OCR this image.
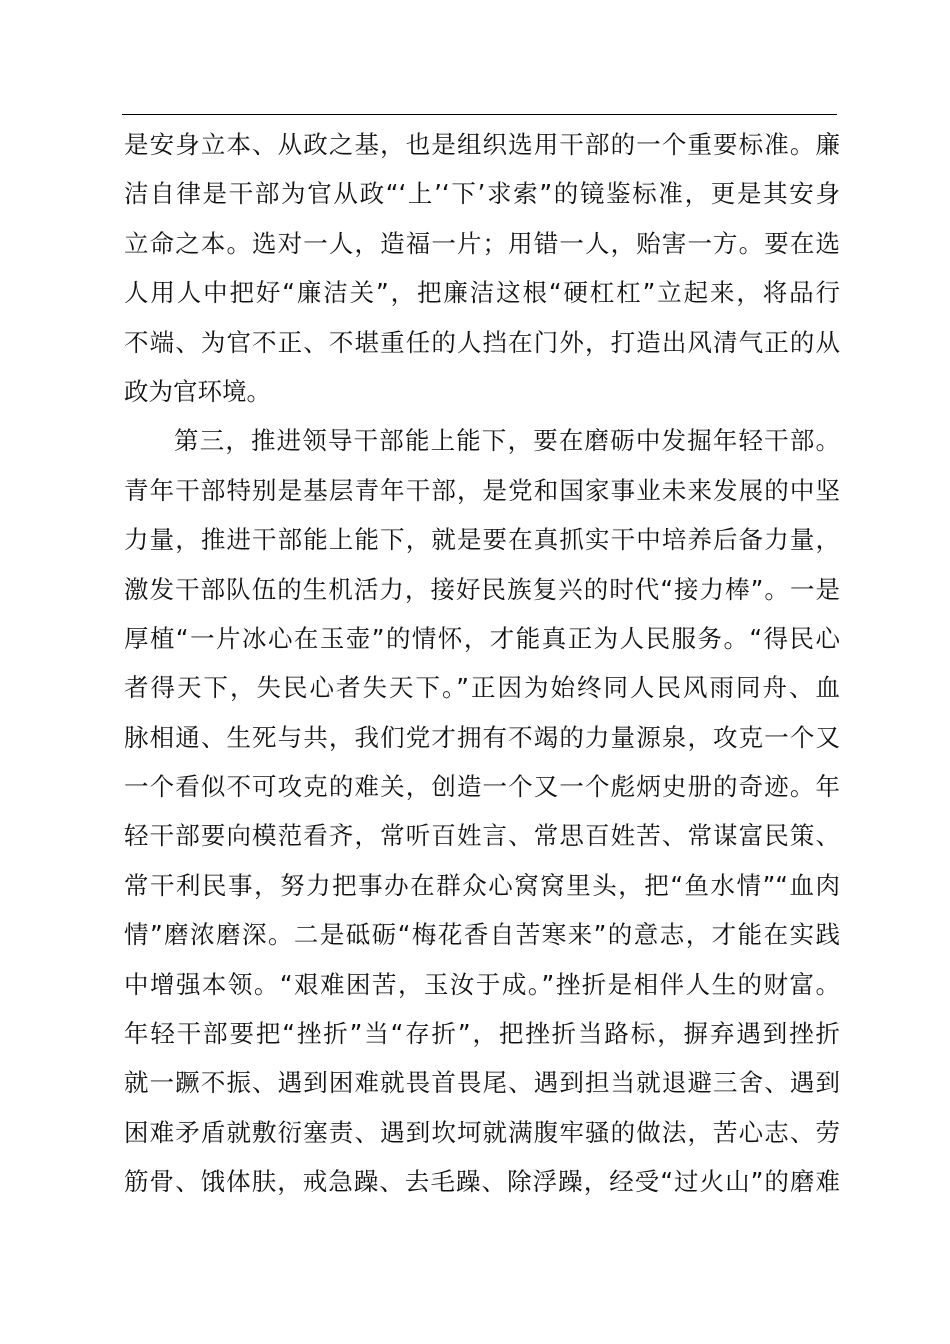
是安身立本、从政之基，也是组织选用干部的一个重要标准。廉
洁自律是干部为官从政“‘上’‘下’求索”的镜鉴标准，更是其安身
立命之本。选对一人，造福一片；用错一人，贻害一方。要在选
人用人中把好“廉洁关”，把廉洁这根“硬杠杠”立起来，将品行
不端、为官不正、不堪重任的人挡在门外，打造出风清气正的从
政为官环境。
第三，推进领导干部能上能下，要在磨砺中发掘年轻干部。
青年干部特别是基层青年干部，是党和国家事业未来发展的中坚
力量，推进干部能上能下，就是要在真抓实干中培养后备力量，
激发干部队伍的生机活力，接好民族复兴的时代“接力棒”。一是
厚植“一片冰心在玉壶”的情怀，才能真正为人民服务。“得民心
者得天下，失民心者失天下。”正因为始终同人民风雨同舟、血
脉相通、生死与共，我们党才拥有不竭的力量源泉，攻克一个又
一个看似不可攻克的难关，创造一个又一个彪炳史册的奇迹。年
轻干部要向模范看齐，常听百姓言、常思百姓苦、常谋富民策、
常干利民事，努力把事办在群众心窝窝里头，把“鱼水情”“血肉
情”磨浓磨深。二是砥砺“梅花香自苦寒来”的意志，才能在实践
中增强本领。“艰难困苦，玉汝于成。”挫折是相伴人生的财富。
年轻干部要把“挫折”当“存折”，把挫折当路标，摒弃遇到挫折
就一蹶不振、遇到困难就畏首畏尾、遇到担当就退避三舍、遇到
困难矛盾就敷衍塞责、遇到坎坷就满腹牢骚的做法，苦心志、劳
筋骨、饿体肤，戒急躁、去毛躁、除浮躁，经受“过火山”的磨难
